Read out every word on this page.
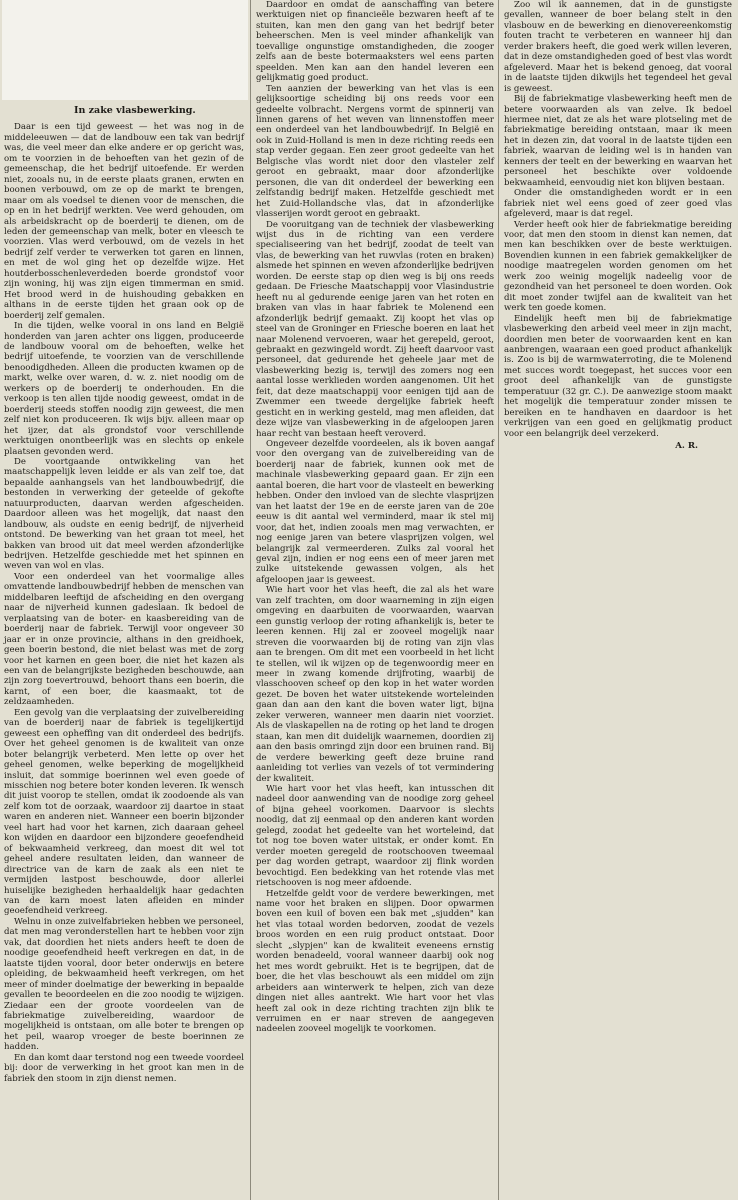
In zake vlasbewerking.

Daar is een tijd geweest — het was nog in de middeleeuwen — dat de landbouw een tak van bedrijf was, die veel meer dan elke andere er op gericht was, om te voorzien in de behoeften van het gezin of de gemeenschap, die het bedrijf uitoefende. Er werden niet, zooals nu, in de eerste plaats granen, erwten en boonen verbouwd, om ze op de markt te brengen, maar om als voedsel te dienen voor de menschen, die op en in het bedrijf werkten. Vee werd gehouden, om als arbeidskracht op de boerderij te dienen, om de leden der gemeenschap van melk, boter en vleesch te voorzien. Vlas werd verbouwd, om de vezels in het bedrijf zelf verder te verwerken tot garen en linnen, en met de wol ging het op dezelfde wijze. Het houtderbosschenleverdeden boerde grondstof voor zijn woning, hij was zijn eigen timmerman en smid. Het brood werd in de huishouding gebakken en althans in de eerste tijden het graan ook op de boerderij zelf gemalen.

In die tijden, welke vooral in ons land en België honderden van jaren achter ons liggen, produceerde de landbouw vooral om de behoeften, welke het bedrijf uitoefende, te voorzien van de verschillende benoodigdheden. Alleen die producten kwamen op de markt, welke over waren, d. w. z. niet noodig om de werkers op de boerderij te onderhouden. En die verkoop is ten allen tijde noodig geweest, omdat in de boerderij steeds stoffen noodig zijn geweest, die men zelf niet kon produceeren. Ik wijs bijv. alleen maar op het ijzer, dat als grondstof voor verschillende werktuigen onontbeerlijk was en slechts op enkele plaatsen gevonden werd.

De voortgaande ontwikkeling van het maatschappelijk leven leidde er als van zelf toe, dat bepaalde aanhangsels van het landbouwbedrijf, die bestonden in verwerking der geteelde of gekofte natuurproducten, daarvan werden afgescheiden. Daardoor alleen was het mogelijk, dat naast den landbouw, als oudste en eenig bedrijf, de nijverheid ontstond. De bewerking van het graan tot meel, het bakken van brood uit dat meel werden afzonderlijke bedrijven. Hetzelfde geschiedde met het spinnen en weven van wol en vlas.

Voor een onderdeel van het voormalige alles omvattende landbouwbedrijf hebben de menschen van middelbaren leeftijd de afscheiding en den overgang naar de nijverheid kunnen gadeslaan. Ik bedoel de verplaatsing van de boter- en kaasbereiding van de boerderij naar de fabriek. Terwijl voor ongeveer 30 jaar er in onze provincie, althans in den greidhoek, geen boerin bestond, die niet belast was met de zorg voor het karnen en geen boer, die niet het kazen als een van de belangrijkste bezigheden beschouwde, aan zijn zorg toevertrouwd, behoort thans een boerin, die karnt, of een boer, die kaasmaakt, tot de zeldzaamheden.

Een gevolg van die verplaatsing der zuivelbereiding van de boerderij naar de fabriek is tegelijkertijd geweest een opheffing van dit onderdeel des bedrijfs. Over het geheel genomen is de kwaliteit van onze boter belangrijk verbeterd. Men lette op over het geheel genomen, welke beperking de mogelijkheid insluit, dat sommige boerinnen wel even goede of misschien nog betere boter konden leveren. Ik wensch dit juist voorop te stellen, omdat ik zoodoende als van zelf kom tot de oorzaak, waardoor zij daartoe in staat waren en anderen niet. Wanneer een boerin bijzonder veel hart had voor het karnen, zich daaraan geheel kon wijden en daardoor een bijzondere geoefendheid of bekwaamheid verkreeg, dan moest dit wel tot geheel andere resultaten leiden, dan wanneer de directrice van de karn de zaak als een niet te vermijden lastpost beschouwde, door allerlei huiselijke bezigheden herhaaldelijk haar gedachten van de karn moest laten afleiden en minder geoefendheid verkreeg.

Welnu in onze zuivelfabrieken hebben we personeel, dat men mag veronderstellen hart te hebben voor zijn vak, dat doordien het niets anders heeft te doen de noodige geoefendheid heeft verkregen en dat, in de laatste tijden vooral, door beter onderwijs en betere opleiding, de bekwaamheid heeft verkregen, om het meer of minder doelmatige der bewerking in bepaalde gevallen te beoordeelen en die zoo noodig te wijzigen. Ziedaar een der groote voordeelen van de fabriekmatige zuivelbereiding, waardoor de mogelijkheid is ontstaan, om alle boter te brengen op het peil, waarop vroeger de beste boerinnen ze hadden.

En dan komt daar terstond nog een tweede voordeel bij: door de verwerking in het groot kan men in de fabriek den stoom in zijn dienst nemen.

Daardoor en omdat de aanschaffing van betere werktuigen niet op financieële bezwaren heeft af te stuiten, kan men den gang van het bedrijf beter beheerschen. Men is veel minder afhankelijk van toevallige ongunstige omstandigheden, die zooger zelfs aan de beste botermaaksters wel eens parten speelden. Men kan aan den handel leveren een gelijkmatig goed product.

Ten aanzien der bewerking van het vlas is een gelijksoortige scheiding bij ons reeds voor een gedeelte volbracht. Nergens vormt de spinnerij van linnen garens of het weven van linnenstoffen meer een onderdeel van het landbouwbedrijf. In België en ook in Zuid-Holland is men in deze richting reeds een stap verder gegaan. Een zeer groot gedeelte van het Belgische vlas wordt niet door den vlasteler zelf geroot en gebraakt, maar door afzonderlijke personen, die van dit onderdeel der bewerking een zelfstandig bedrijf maken. Hetzelfde geschiedt met het Zuid-Hollandsche vlas, dat in afzonderlijke vlasserijen wordt geroot en gebraakt.

De vooruitgang van de techniek der vlasbewerking wijst dus in de richting van een verdere specialiseering van het bedrijf, zoodat de teelt van vlas, de bewerking van het ruwvlas (roten en braken) alsmede het spinnen en weven afzonderlijke bedrijven worden. De eerste stap op dien weg is bij ons reeds gedaan. De Friesche Maatschappij voor Vlasindustrie heeft nu al gedurende eenige jaren van het roten en braken van vlas in haar fabriek te Molenend een afzonderlijk bedrijf gemaakt. Zij koopt het vlas op steel van de Groninger en Friesche boeren en laat het naar Molenend vervoeren, waar het gerepeld, geroot, gebraakt en gezwingeld wordt. Zij heeft daarvoor vast personeel, dat gedurende het geheele jaar met de vlasbewerking bezig is, terwijl des zomers nog een aantal losse werklieden worden aangenomen. Uit het feit, dat deze maatschappij voor eenigen tijd aan de Zwemmer een tweede dergelijke fabriek heeft gesticht en in werking gesteld, mag men afleiden, dat deze wijze van vlasbewerking in de afgeloopen jaren haar recht van bestaan heeft veroverd.

Ongeveer dezelfde voordeelen, als ik boven aangaf voor den overgang van de zuivelbereiding van de boerderij naar de fabriek, kunnen ook met de machinale vlasbewerking gepaard gaan. Er zijn een aantal boeren, die hart voor de vlasteelt en bewerking hebben. Onder den invloed van de slechte vlasprijzen van het laatst der 19e en de eerste jaren van de 20e eeuw is dit aantal wel verminderd, maar ik stel mij voor, dat het, indien zooals men mag verwachten, er nog eenige jaren van betere vlasprijzen volgen, wel belangrijk zal vermeerderen. Zulks zal vooral het geval zijn, indien er nog eens een of meer jaren met zulke uitstekende gewassen volgen, als het afgeloopen jaar is geweest.

Wie hart voor het vlas heeft, die zal als het ware van zelf trachten, om door waarneming in zijn eigen omgeving en daarbuiten de voorwaarden, waarvan een gunstig verloop der roting afhankelijk is, beter te leeren kennen. Hij zal er zooveel mogelijk naar streven die voorwaarden bij de roting van zijn vlas aan te brengen. Om dit met een voorbeeld in het licht te stellen, wil ik wijzen op de tegenwoordig meer en meer in zwang komende drijfroting, waarbij de vlasschooven scheef op den kop in het water worden gezet. De boven het water uitstekende worteleinden gaan dan aan den kant die boven water ligt, bijna zeker verweren, wanneer men daarin niet voorziet. Als de vlaskapellen na de roting op het land te drogen staan, kan men dit duidelijk waarnemen, doordien zij aan den basis omringd zijn door een bruinen rand. Bij de verdere bewerking geeft deze bruine rand aanleiding tot verlies van vezels of tot vermindering der kwaliteit.

Wie hart voor het vlas heeft, kan intusschen dit nadeel door aanwending van de noodige zorg geheel of bijna geheel voorkomen. Daarvoor is slechts noodig, dat zij eenmaal op den anderen kant worden gelegd, zoodat het gedeelte van het worteleind, dat tot nog toe boven water uitstak, er onder komt. En verder moeten geregeld de rootschooven tweemaal per dag worden getrapt, waardoor zij flink worden bevochtigd. Een bedekking van het rotende vlas met rietschooven is nog meer afdoende.

Hetzelfde geldt voor de verdere bewerkingen, met name voor het braken en slijpen. Door opwarmen boven een kuil of boven een bak met „sjudden" kan het vlas totaal worden bedorven, zoodat de vezels broos worden en een ruig product ontstaat. Door slecht „slypjen" kan de kwaliteit eveneens ernstig worden benadeeld, vooral wanneer daarbij ook nog het mes wordt gebruikt. Het is te begrijpen, dat de boer, die het vlas beschouwt als een middel om zijn arbeiders aan winterwerk te helpen, zich van deze dingen niet alles aantrekt. Wie hart voor het vlas heeft zal ook in deze richting trachten zijn blik te verruimen en er naar streven de aangegeven nadeelen zooveel mogelijk te voorkomen.

Zoo wil ik aannemen, dat in de gunstigste gevallen, wanneer de boer belang stelt in den vlasbouw en de bewerking en dienovereenkomstig fouten tracht te verbeteren en wanneer hij dan verder brakers heeft, die goed werk willen leveren, dat in deze omstandigheden goed of best vlas wordt afgeleverd. Maar het is bekend genoeg, dat vooral in de laatste tijden dikwijls het tegendeel het geval is geweest.

Bij de fabriekmatige vlasbewerking heeft men de betere voorwaarden als van zelve. Ik bedoel hiermee niet, dat ze als het ware plotseling met de fabriekmatige bereiding ontstaan, maar ik meen het in dezen zin, dat vooral in de laatste tijden een fabriek, waarvan de leiding wel is in handen van kenners der teelt en der bewerking en waarvan het personeel het beschikte over voldoende bekwaamheid, eenvoudig niet kon blijven bestaan.

Onder die omstandigheden wordt er in een fabriek niet wel eens goed of zeer goed vlas afgeleverd, maar is dat regel.

Verder heeft ook hier de fabriekmatige bereiding voor, dat men den stoom in dienst kan nemen, dat men kan beschikken over de beste werktuigen. Bovendien kunnen in een fabriek gemakkelijker de noodige maatregelen worden genomen om het werk zoo weinig mogelijk nadeelig voor de gezondheid van het personeel te doen worden. Ook dit moet zonder twijfel aan de kwaliteit van het werk ten goede komen.

Eindelijk heeft men bij de fabriekmatige vlasbewerking den arbeid veel meer in zijn macht, doordien men beter de voorwaarden kent en kan aanbrengen, waaraan een goed product afhankelijk is. Zoo is bij de warmwaterroting, die te Molenend met succes wordt toegepast, het succes voor een groot deel afhankelijk van de gunstigste temperatuur (32 gr. C.). De aanwezige stoom maakt het mogelijk die temperatuur zonder missen te bereiken en te handhaven en daardoor is het verkrijgen van een goed en gelijkmatig product voor een belangrijk deel verzekerd.

A. R.
